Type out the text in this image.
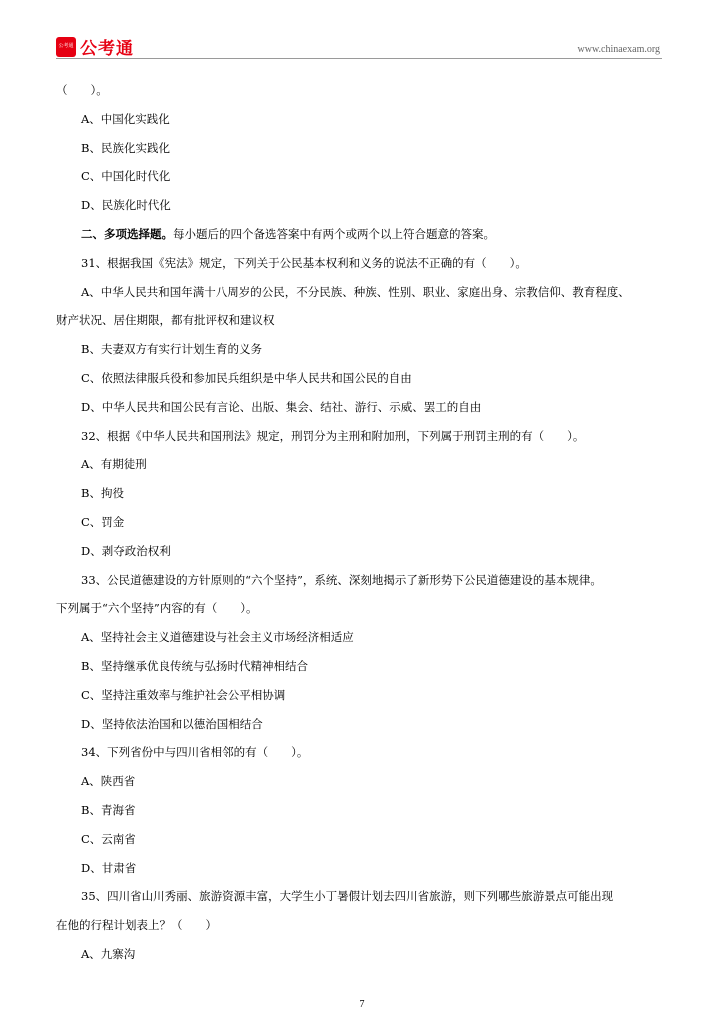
公考通 公考通	www.chinaexam.org
（　　）。
A、中国化实践化
B、民族化实践化
C、中国化时代化
D、民族化时代化
二、多项选择题。每小题后的四个备选答案中有两个或两个以上符合题意的答案。
31、根据我国《宪法》规定，下列关于公民基本权利和义务的说法不正确的有（　　）。
A、中华人民共和国年满十八周岁的公民，不分民族、种族、性别、职业、家庭出身、宗教信仰、教育程度、
财产状况、居住期限，都有批评权和建议权
B、夫妻双方有实行计划生育的义务
C、依照法律服兵役和参加民兵组织是中华人民共和国公民的自由
D、中华人民共和国公民有言论、出版、集会、结社、游行、示威、罢工的自由
32、根据《中华人民共和国刑法》规定，刑罚分为主刑和附加刑，下列属于刑罚主刑的有（　　）。
A、有期徒刑
B、拘役
C、罚金
D、剥夺政治权利
33、公民道德建设的方针原则的“六个坚持”，系统、深刻地揭示了新形势下公民道德建设的基本规律。
下列属于“六个坚持”内容的有（　　）。
A、坚持社会主义道德建设与社会主义市场经济相适应
B、坚持继承优良传统与弘扬时代精神相结合
C、坚持注重效率与维护社会公平相协调
D、坚持依法治国和以德治国相结合
34、下列省份中与四川省相邻的有（　　）。
A、陕西省
B、青海省
C、云南省
D、甘肃省
35、四川省山川秀丽、旅游资源丰富，大学生小丁暑假计划去四川省旅游，则下列哪些旅游景点可能出现
在他的行程计划表上？（　　）
A、九寨沟
7
